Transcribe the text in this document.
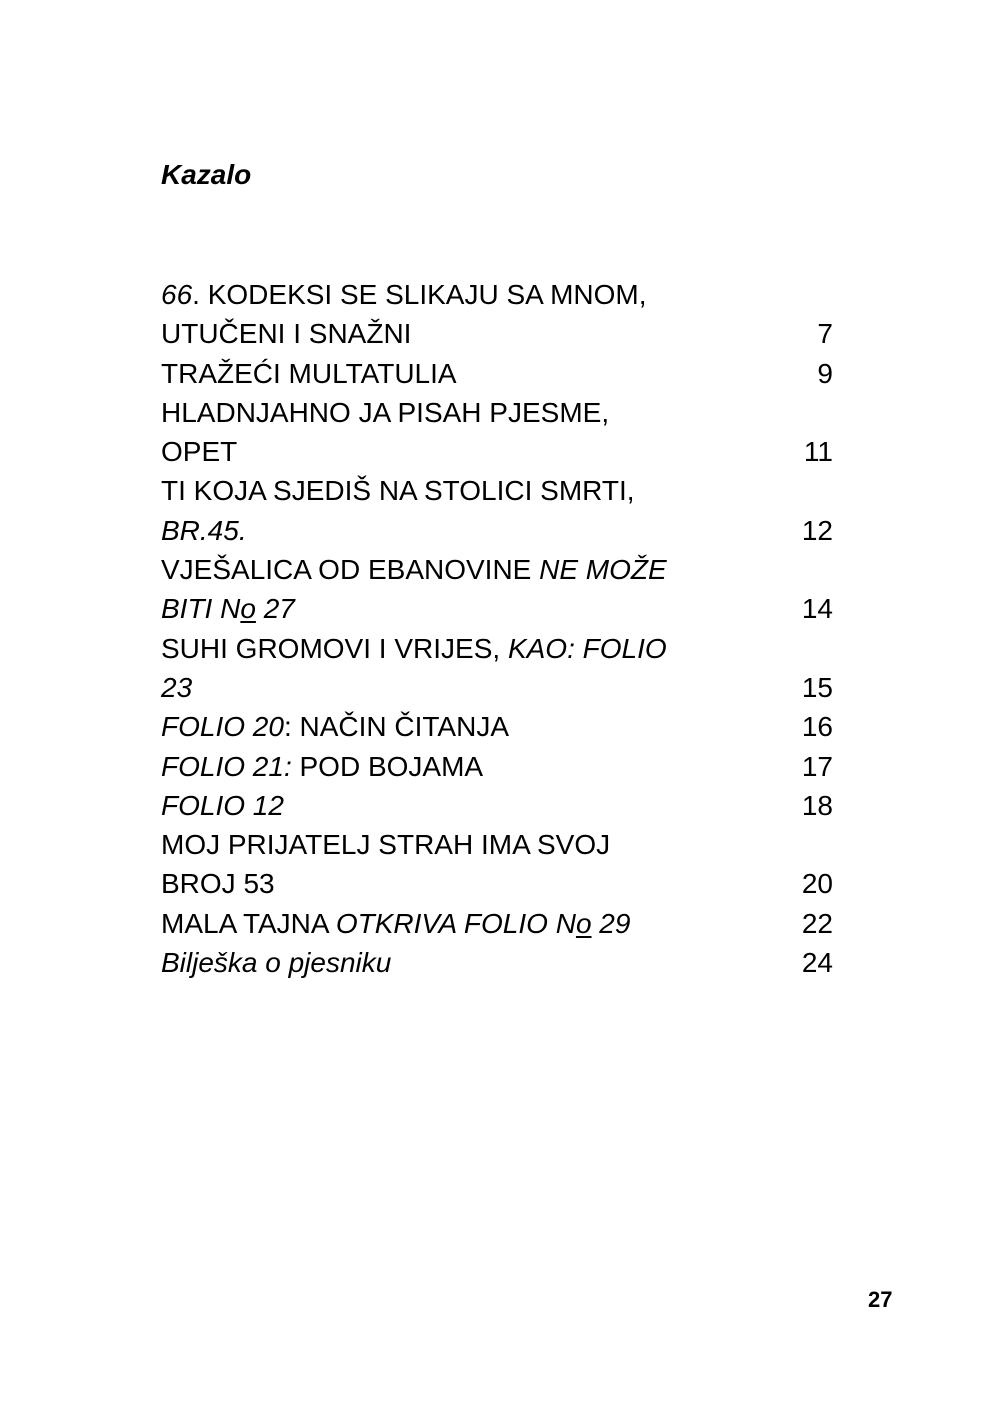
Kazalo
66. KODEKSI SE SLIKAJU SA MNOM,
UTUČENI I SNAŽNI	7
TRAŽEĆI MULTATULIA	9
HLADNJAHNO JA PISAH PJESME,
OPET	11
TI KOJA SJEDIŠ NA STOLICI SMRTI,
BR.45.	12
VJEŠALICA OD EBANOVINE NE MOŽE
BITI No 27	14
SUHI GROMOVI I VRIJES, KAO: FOLIO
23	15
FOLIO 20: NAČIN ČITANJA	16
FOLIO 21: POD BOJAMA	17
FOLIO 12	18
MOJ PRIJATELJ STRAH IMA SVOJ
BROJ 53	20
MALA TAJNA OTKRIVA FOLIO No 29	22
Bilješka o pjesniku	24
27
